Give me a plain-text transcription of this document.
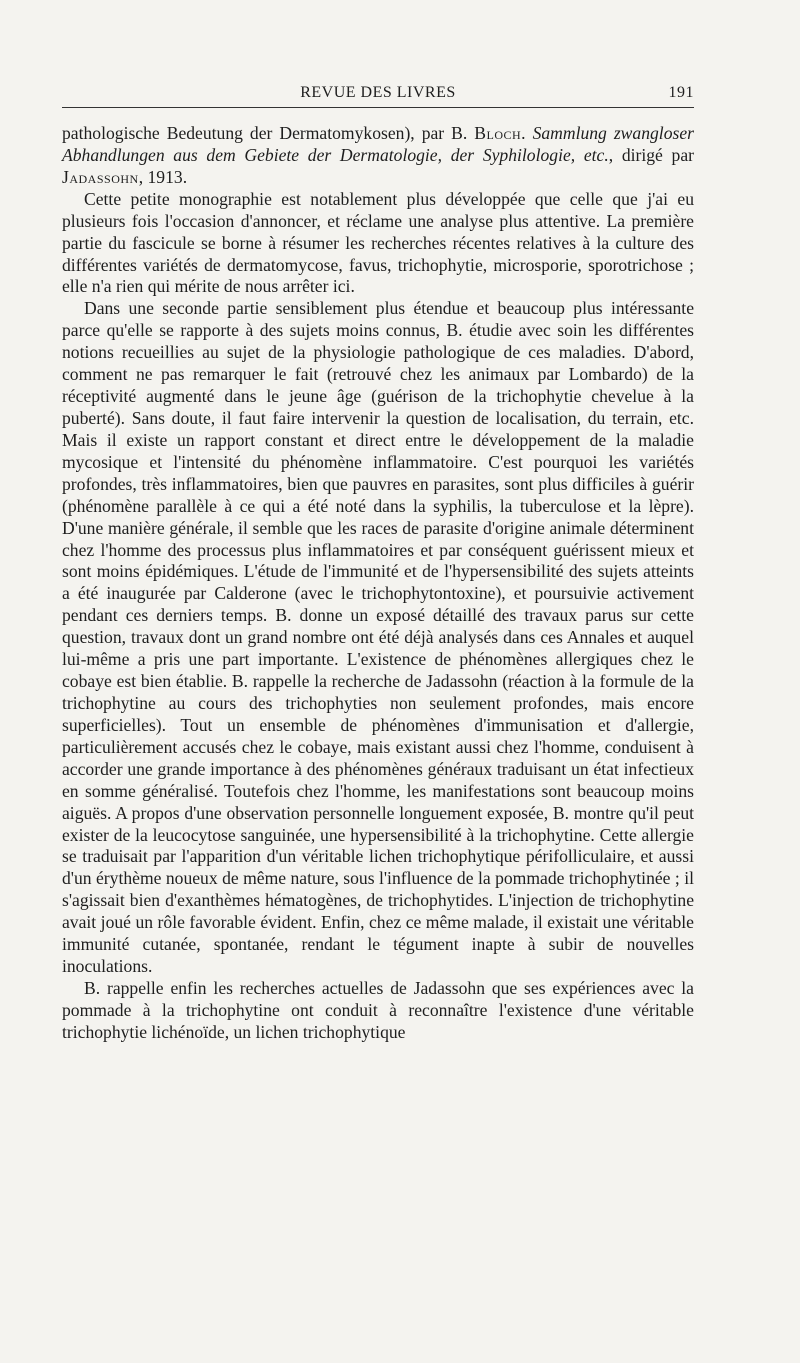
REVUE DES LIVRES	191

pathologische Bedeutung der Dermatomykosen), par B. Bloch. Sammlung zwangloser Abhandlungen aus dem Gebiete der Dermatologie, der Syphilologie, etc., dirigé par Jadassohn, 1913.

Cette petite monographie est notablement plus développée que celle que j'ai eu plusieurs fois l'occasion d'annoncer, et réclame une analyse plus attentive. La première partie du fascicule se borne à résumer les recherches récentes relatives à la culture des différentes variétés de dermatomycose, favus, trichophytie, microsporie, sporotrichose ; elle n'a rien qui mérite de nous arrêter ici.

Dans une seconde partie sensiblement plus étendue et beaucoup plus intéressante parce qu'elle se rapporte à des sujets moins connus, B. étudie avec soin les différentes notions recueillies au sujet de la physiologie pathologique de ces maladies. D'abord, comment ne pas remarquer le fait (retrouvé chez les animaux par Lombardo) de la réceptivité augmenté dans le jeune âge (guérison de la trichophytie chevelue à la puberté). Sans doute, il faut faire intervenir la question de localisation, du terrain, etc. Mais il existe un rapport constant et direct entre le développement de la maladie mycosique et l'intensité du phénomène inflammatoire. C'est pourquoi les variétés profondes, très inflammatoires, bien que pauvres en parasites, sont plus difficiles à guérir (phénomène parallèle à ce qui a été noté dans la syphilis, la tuberculose et la lèpre). D'une manière générale, il semble que les races de parasite d'origine animale déterminent chez l'homme des processus plus inflammatoires et par conséquent guérissent mieux et sont moins épidémiques. L'étude de l'immunité et de l'hypersensibilité des sujets atteints a été inaugurée par Calderone (avec le trichophytontoxine), et poursuivie activement pendant ces derniers temps. B. donne un exposé détaillé des travaux parus sur cette question, travaux dont un grand nombre ont été déjà analysés dans ces Annales et auquel lui-même a pris une part importante. L'existence de phénomènes allergiques chez le cobaye est bien établie. B. rappelle la recherche de Jadassohn (réaction à la formule de la trichophytine au cours des trichophyties non seulement profondes, mais encore superficielles). Tout un ensemble de phénomènes d'immunisation et d'allergie, particulièrement accusés chez le cobaye, mais existant aussi chez l'homme, conduisent à accorder une grande importance à des phénomènes généraux traduisant un état infectieux en somme généralisé. Toutefois chez l'homme, les manifestations sont beaucoup moins aiguës. A propos d'une observation personnelle longuement exposée, B. montre qu'il peut exister de la leucocytose sanguinée, une hypersensibilité à la trichophytine. Cette allergie se traduisait par l'apparition d'un véritable lichen trichophytique périfolliculaire, et aussi d'un érythème noueux de même nature, sous l'influence de la pommade trichophytinée ; il s'agissait bien d'exanthèmes hématogènes, de trichophytides. L'injection de trichophytine avait joué un rôle favorable évident. Enfin, chez ce même malade, il existait une véritable immunité cutanée, spontanée, rendant le tégument inapte à subir de nouvelles inoculations.

B. rappelle enfin les recherches actuelles de Jadassohn que ses expériences avec la pommade à la trichophytine ont conduit à reconnaître l'existence d'une véritable trichophytie lichénoïde, un lichen trichophytique
